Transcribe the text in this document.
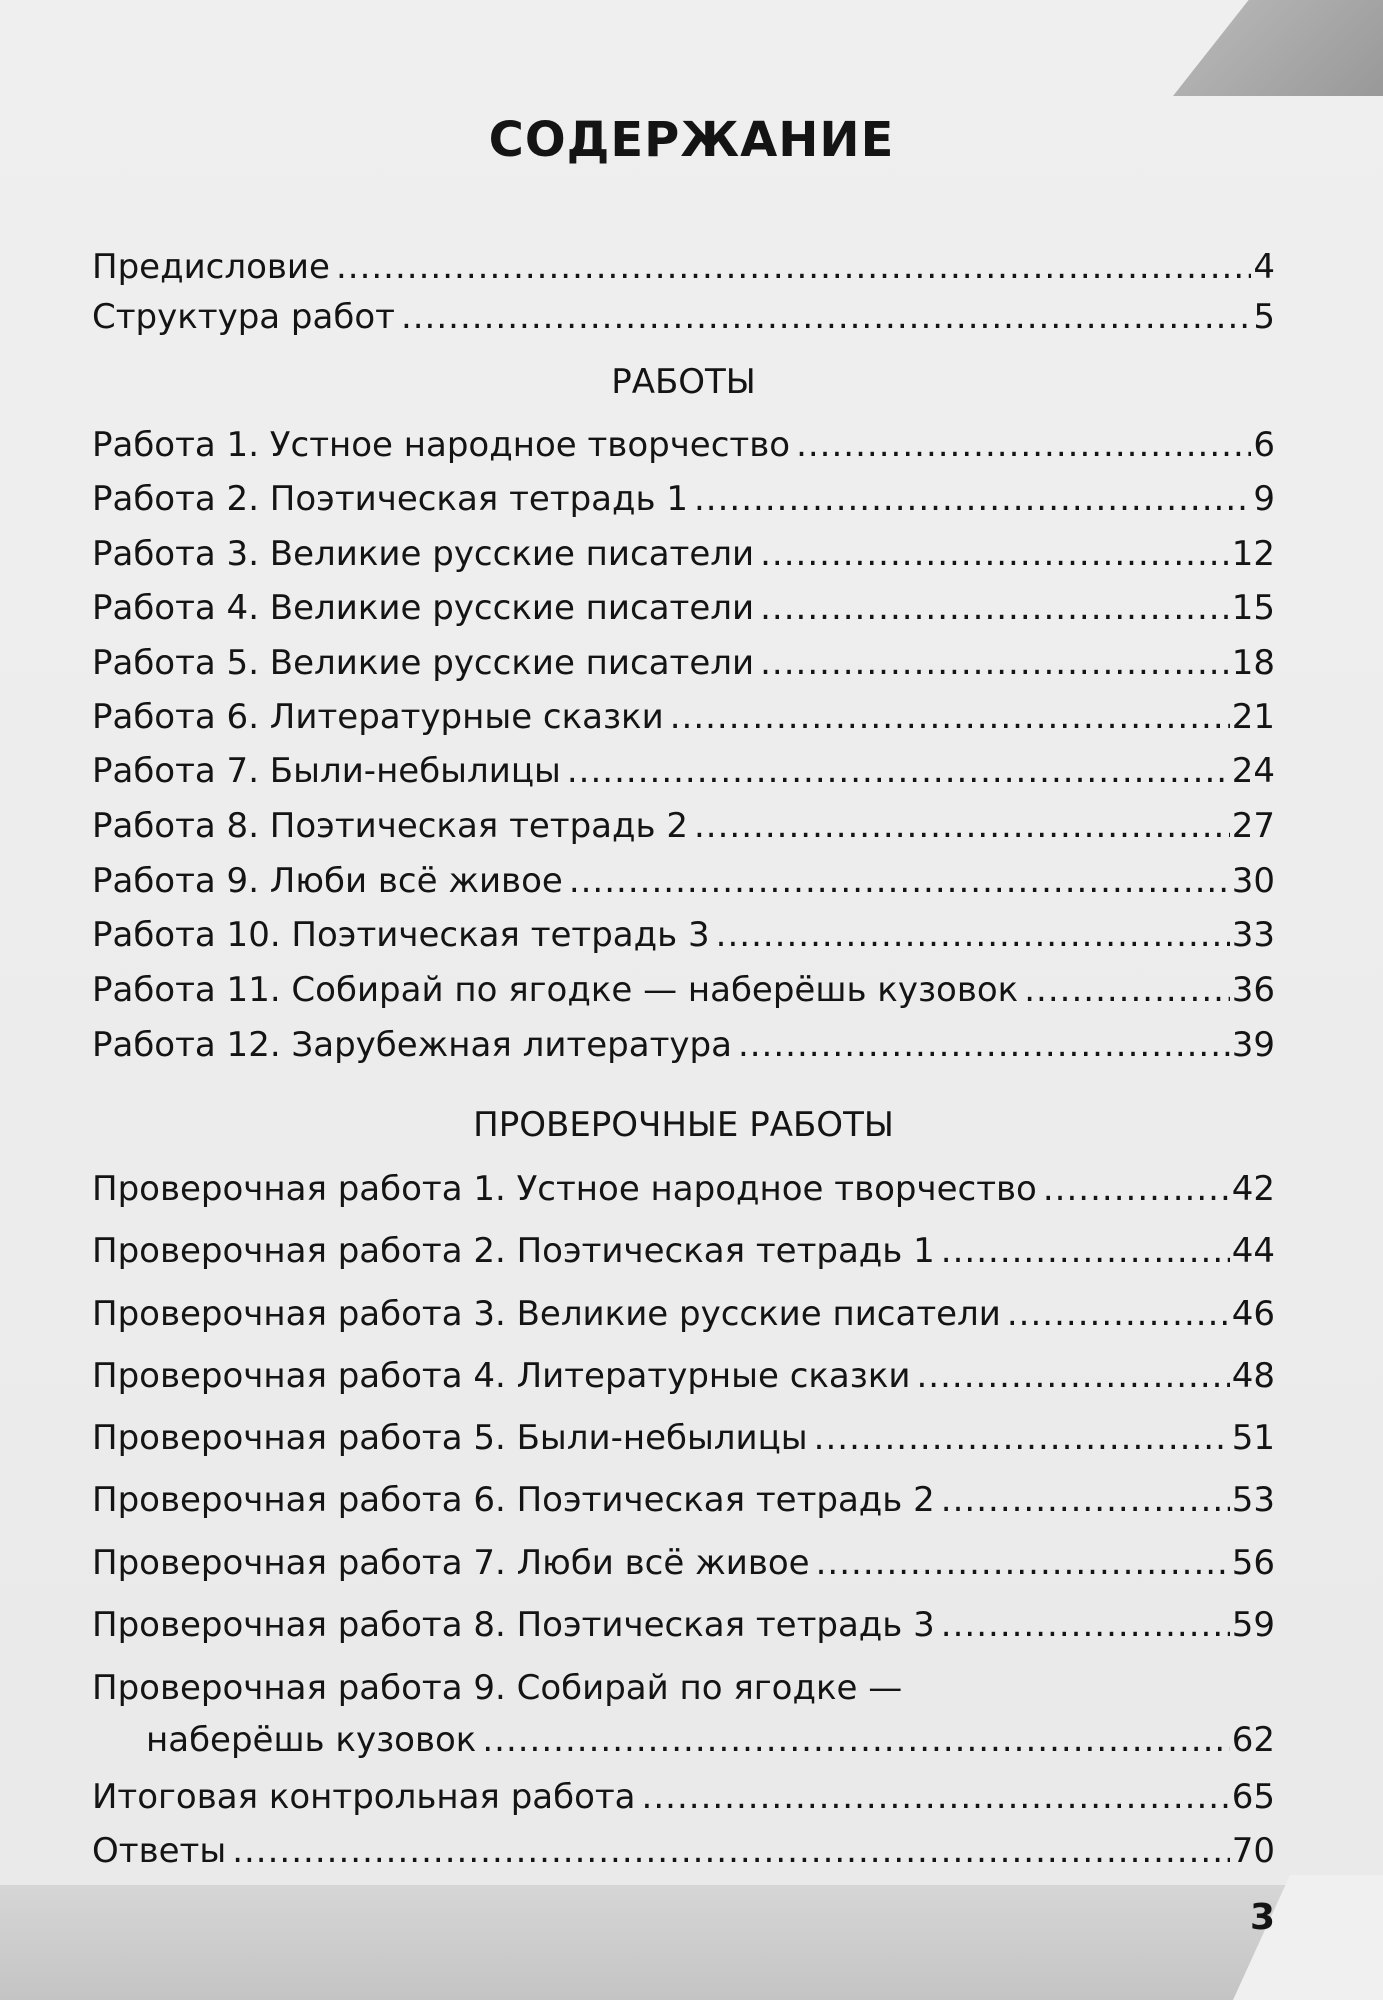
СОДЕРЖАНИЕ
Предисловие .....	4
Структура работ .....	5
РАБОТЫ
Работа 1. Устное народное творчество .....	6
Работа 2. Поэтическая тетрадь 1 .....	9
Работа 3. Великие русские писатели .....	12
Работа 4. Великие русские писатели .....	15
Работа 5. Великие русские писатели .....	18
Работа 6. Литературные сказки .....	21
Работа 7. Были-небылицы .....	24
Работа 8. Поэтическая тетрадь 2 .....	27
Работа 9. Люби всё живое .....	30
Работа 10. Поэтическая тетрадь 3 .....	33
Работа 11. Собирай по ягодке — наберёшь кузовок .....	36
Работа 12. Зарубежная литература .....	39
ПРОВЕРОЧНЫЕ РАБОТЫ
Проверочная работа 1. Устное народное творчество .....	42
Проверочная работа 2. Поэтическая тетрадь 1 .....	44
Проверочная работа 3. Великие русские писатели .....	46
Проверочная работа 4. Литературные сказки .....	48
Проверочная работа 5. Были-небылицы .....	51
Проверочная работа 6. Поэтическая тетрадь 2 .....	53
Проверочная работа 7. Люби всё живое .....	56
Проверочная работа 8. Поэтическая тетрадь 3 .....	59
Проверочная работа 9. Собирай по ягодке —
наберёшь кузовок .....	62
Итоговая контрольная работа .....	65
Ответы .....	70
3
